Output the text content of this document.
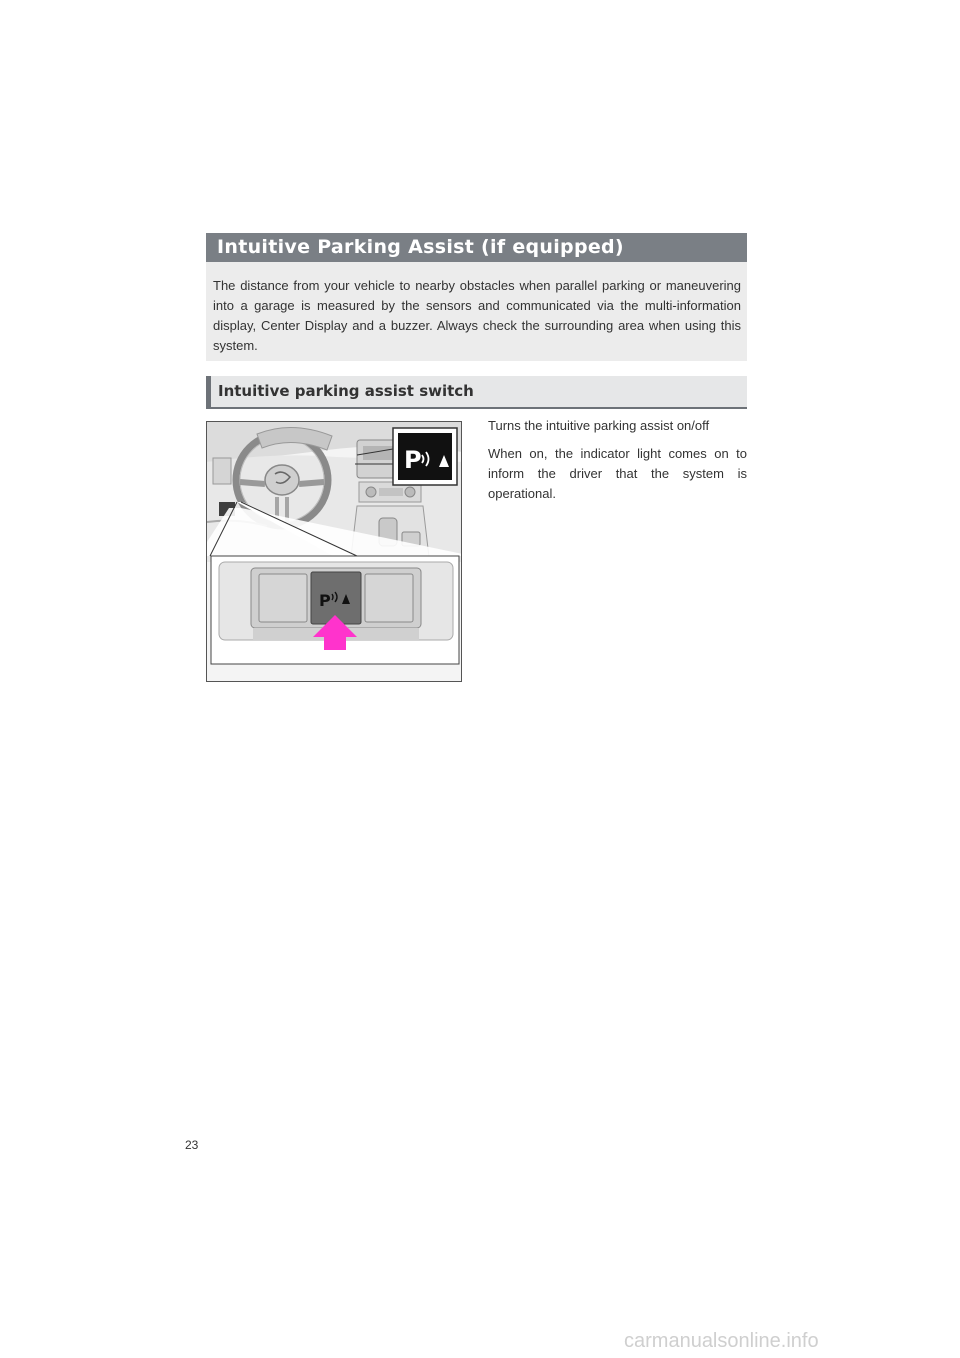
Intuitive Parking Assist (if equipped)
The distance from your vehicle to nearby obstacles when parallel parking or maneuvering into a garage is measured by the sensors and communicated via the multi-information display, Center Display and a buzzer. Always check the surrounding area when using this system.
Intuitive parking assist switch
P
P

Turns the intuitive parking assist on/off

When on, the indicator light comes on to inform the driver that the system is operational.

23
carmanualsonline.info
